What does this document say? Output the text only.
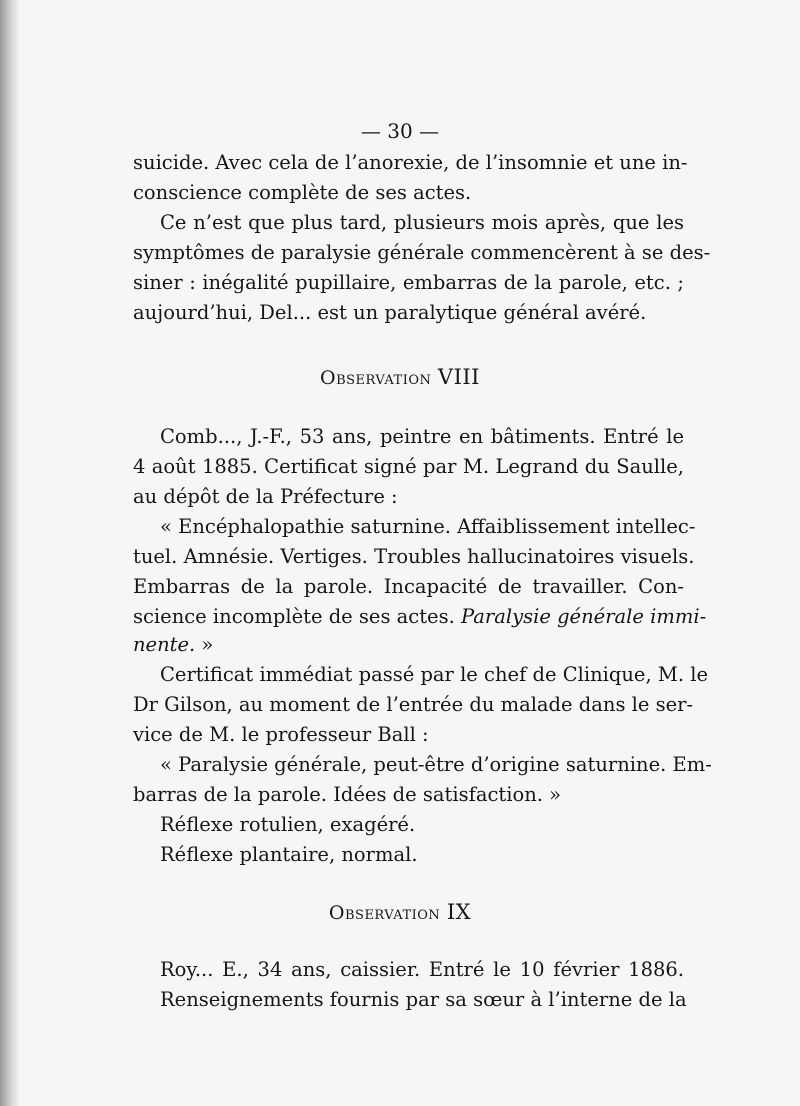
— 30 —
suicide. Avec cela de l’anorexie, de l’insomnie et une in-
conscience complète de ses actes.
Ce n’est que plus tard, plusieurs mois après, que les
symptômes de paralysie générale commencèrent à se des-
siner : inégalité pupillaire, embarras de la parole, etc. ;
aujourd’hui, Del... est un paralytique général avéré.
Observation VIII
Comb..., J.-F., 53 ans, peintre en bâtiments. Entré le
4 août 1885. Certificat signé par M. Legrand du Saulle,
au dépôt de la Préfecture :
« Encéphalopathie saturnine. Affaiblissement intellec-
tuel. Amnésie. Vertiges. Troubles hallucinatoires visuels.
Embarras de la parole. Incapacité de travailler. Con-
science incomplète de ses actes. Paralysie générale immi-
nente. »
Certificat immédiat passé par le chef de Clinique, M. le
Dr Gilson, au moment de l’entrée du malade dans le ser-
vice de M. le professeur Ball :
« Paralysie générale, peut-être d’origine saturnine. Em-
barras de la parole. Idées de satisfaction. »
Réflexe rotulien, exagéré.
Réflexe plantaire, normal.
Observation IX
Roy... E., 34 ans, caissier. Entré le 10 février 1886.
Renseignements fournis par sa sœur à l’interne de la
